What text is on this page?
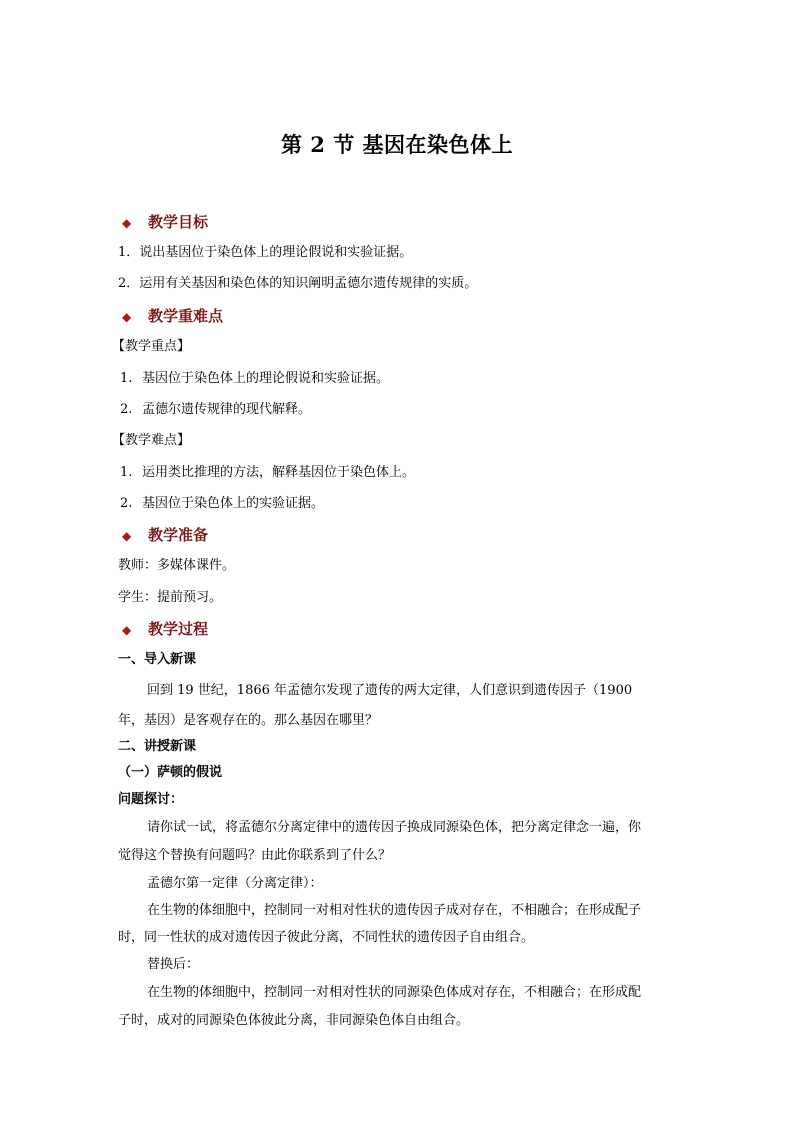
第 2 节 基因在染色体上
◆ 教学目标
1．说出基因位于染色体上的理论假说和实验证据。
2．运用有关基因和染色体的知识阐明孟德尔遗传规律的实质。
◆ 教学重难点
【教学重点】
1. 基因位于染色体上的理论假说和实验证据。
2. 孟德尔遗传规律的现代解释。
【教学难点】
1. 运用类比推理的方法，解释基因位于染色体上。
2. 基因位于染色体上的实验证据。
◆ 教学准备
教师：多媒体课件。
学生：提前预习。
◆ 教学过程
一、导入新课
回到 19 世纪，1866 年孟德尔发现了遗传的两大定律，人们意识到遗传因子（1900
年，基因）是客观存在的。那么基因在哪里？
二、讲授新课
（一）萨顿的假说
问题探讨：
请你试一试，将孟德尔分离定律中的遗传因子换成同源染色体，把分离定律念一遍，你
觉得这个替换有问题吗？由此你联系到了什么？
孟德尔第一定律（分离定律）：
在生物的体细胞中，控制同一对相对性状的遗传因子成对存在，不相融合；在形成配子
时，同一性状的成对遗传因子彼此分离，不同性状的遗传因子自由组合。
替换后：
在生物的体细胞中，控制同一对相对性状的同源染色体成对存在，不相融合；在形成配
子时，成对的同源染色体彼此分离，非同源染色体自由组合。
